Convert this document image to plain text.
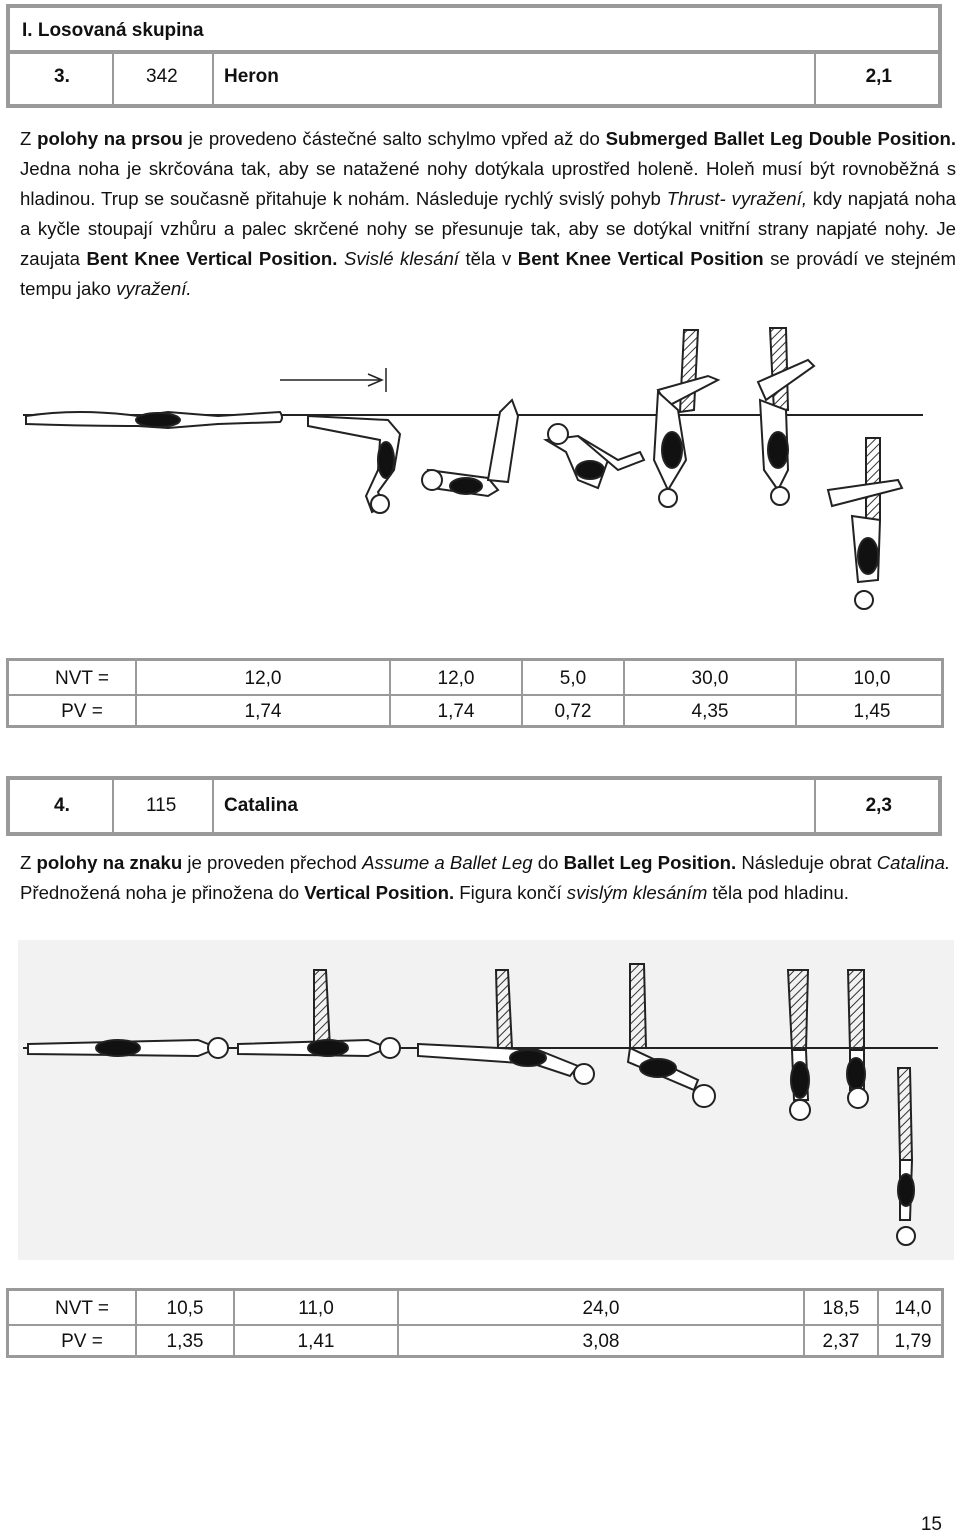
I. Losovaná skupina
3.	342 Heron	2,1
Z polohy na prsou je provedeno částečné salto schylmo vpřed až do Submerged Ballet Leg Double Position. Jedna noha je skrčována tak, aby se natažené nohy dotýkala uprostřed holeně. Holeň musí být rovnoběžná s hladinou. Trup se současně přitahuje k nohám. Následuje rychlý svislý pohyb Thrust- vyražení, kdy napjatá noha a kyčle stoupají vzhůru a palec skrčené nohy se přesunuje tak, aby se dotýkal vnitřní strany napjaté nohy. Je zaujata Bent Knee Vertical Position. Svislé klesání těla v Bent Knee Vertical Position se provádí ve stejném tempu jako vyražení.
NVT =	12,0	12,0	5,0	30,0	10,0
PV =	1,74	1,74	0,72	4,35	1,45
4.	115	Catalina	2,3
Z polohy na znaku je proveden přechod Assume a Ballet Leg do Ballet Leg Position. Následuje obrat Catalina. Přednožená noha je přinožena do Vertical Position. Figura končí svislým klesáním těla pod hladinu.
NVT =	10,5	11,0	24,0	18,5	14,0
PV =	1,35	1,41	3,08	2,37	1,79
15
